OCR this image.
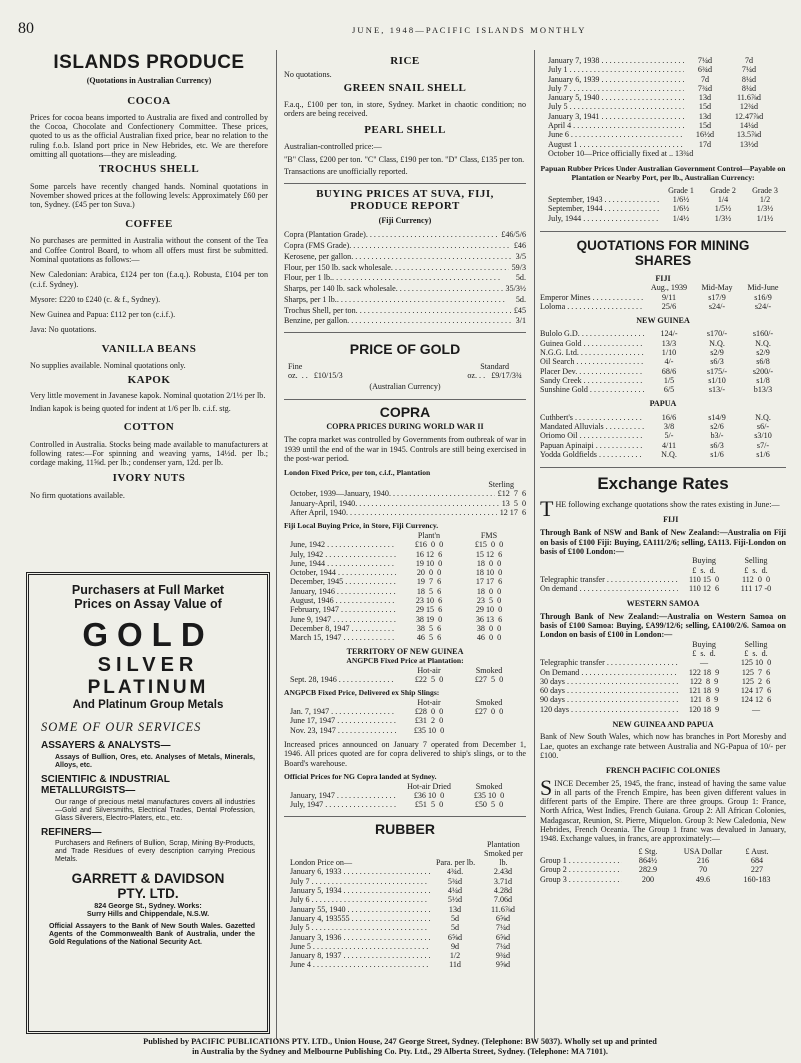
80	J U N E ,   1 9 4 8 — P A C I F I C   I S L A N D S   M O N T H L Y
ISLANDS PRODUCE
(Quotations in Australian Currency)
COCOA

Prices for cocoa beans imported to Australia are fixed and controlled by the Cocoa, Chocolate and Confectionery Committee. These prices, quoted to us as the official Australian fixed price, bear no relation to the ruling f.o.b. Island port price in New Hebrides, etc. We are therefore omitting all quotations—they are misleading.

TROCHUS SHELL

Some parcels have recently changed hands. Nominal quotations in November showed prices at the following levels: Approximately £60 per ton, Sydney. (£45 per ton Suva.)

COFFEE

No purchases are permitted in Australia without the consent of the Tea and Coffee Control Board, to whom all offers must first be submitted. Nominal quotations as follows:—

New Caledonian: Arabica, £124 per ton (f.a.q.). Robusta, £104 per ton (c.i.f. Sydney).

Mysore: £220 to £240 (c. & f., Sydney).

New Guinea and Papua: £112 per ton (c.i.f.).

Java: No quotations.

VANILLA BEANS

No supplies available. Nominal quotations only.

KAPOK

Very little movement in Javanese kapok. Nominal quotation 2/1½ per lb.

Indian kapok is being quoted for indent at 1/6 per lb. c.i.f. stg.

COTTON

Controlled in Australia. Stocks being made available to manufacturers at following rates:—For spinning and weaving yarns, 14½d. per lb.; cordage making, 11⅝d. per lb.; condenser yarn, 12d. per lb.

IVORY NUTS

No firm quotations available.

Purchasers at Full Market
Prices on Assay Value of
GOLD
SILVER
PLATINUM
And Platinum Group Metals
SOME OF OUR SERVICES
ASSAYERS & ANALYSTS—

Assays of Bullion, Ores, etc. Analyses of Metals, Minerals, Alloys, etc.

SCIENTIFIC & INDUSTRIAL METALLURGISTS—

Our range of precious metal manufactures covers all industries—Gold and Silversmiths, Electrical Trades, Dental Profession, Glass Silverers, Electro-Platers, etc., etc.

REFINERS—

Purchasers and Refiners of Bullion, Scrap, Mining By-Products, and Trade Residues of every description carrying Precious Metals.

GARRETT & DAVIDSON
PTY. LTD.
824 George St., Sydney. Works:
Surry Hills and Chippendale, N.S.W.

Official Assayers to the Bank of New South Wales. Gazetted Agents of the Commonwealth Bank of Australia, under the Gold Regulations of the National Security Act.

RICE

No quotations.

GREEN SNAIL SHELL

F.a.q., £100 per ton, in store, Sydney. Market in chaotic condition; no orders are being received.

PEARL SHELL

Australian-controlled price:—

"B" Class, £200 per ton. "C" Class, £190 per ton. "D" Class, £135 per ton.

Transactions are unofficially reported.

BUYING PRICES AT SUVA, FIJI,
PRODUCE REPORT
(Fiji Currency)
Copra (Plantation Grade) . . .	£46/5/6
Copra (FMS Grade) . . .	£46
Kerosene, per gallon . . .	3/5
Flour, per 150 lb. sack wholesale . . .	59/3
Flour, per 1 lb. . . .	5d.
Sharps, per 140 lb. sack wholesale . . .	35/3½
Sharps, per 1 lb. . . .	5d.
Trochus Shell, per ton . . .	£45
Benzine, per gallon . . .	3/1
PRICE OF GOLD
Fine
oz.  . .   £10/15/3
Standard
oz. . .   £9/17/3¾
(Australian Currency)
COPRA
COPRA PRICES DURING WORLD WAR II

The copra market was controlled by Governments from outbreak of war in 1939 until the end of the war in 1945. Controls are still being exercised in the post-war period.

London Fixed Price, per ton, c.i.f., Plantation
Sterling
October, 1939—January, 1940 . . .	£12  7  6
January-April, 1940 . . .	13  5  0
After April, 1940 . . .	12 17  6
Fiji Local Buying Price, in Store, Fiji Currency.
Plant'n	FMS
June, 1942 . . .	£16  0  0	£15  0  0
July, 1942 . . .	16 12  6	15 12  6
June, 1944 . . .	19 10  0	18  0  0
October, 1944 . . .	20  0  0	18 10  0
December, 1945 . . .	19  7  6	17 17  6
January, 1946 . . .	18  5  6	18  0  0
August, 1946 . . .	23 10  6	23  5  0
February, 1947 . . .	29 15  6	29 10  0
June 9, 1947 . . .	38 19  0	36 13  6
December 8, 1947 . . .	38  5  6	38  0  0
March 15, 1947 . . .	46  5  6	46  0  0
TERRITORY OF NEW GUINEA
ANGPCB Fixed Price at Plantation:
Hot-air	Smoked
Sept. 28, 1946 . . .	£22  5  0	£27  5  0
ANGPCB Fixed Price, Delivered ex Ship Slings:
Hot-air	Smoked
Jan. 7, 1947 . . .	£28  0  0	£27  0  0
June 17, 1947 . . .	£31  2  0
Nov. 23, 1947 . . .	£35 10  0

Increased prices announced on January 7 operated from December 1, 1946. All prices quoted are for copra delivered to ship's slings, or to the Board's warehouse.

Official Prices for NG Copra landed at Sydney.
Hot-air Dried	Smoked
January, 1947 . . .	£36 10  0	£35 10  0
July, 1947 . . .	£51  5  0	£50  5  0
RUBBER
London Price on—	Para. per lb.
Plantation Smoked per lb.
January 6, 1933 . . .	4¾d.	2.43d
July 7 . . .	5¾d	3.71d
January 5, 1934 . . .	4¼d	4.28d
July 6 . . .	5½d	7.06d
January 55, 1940 . . .	13d	11.6⅞d
January 4, 193555 . . .	5d	6⅝d
July 5 . . .	5d	7¼d
January 3, 1936 . . .	6⅝d	6⅝d
June 5 . . .	9d	7¼d
January 8, 1937 . . .	1/2	9¾d
June 4 . . .	11d	9⅝d
January 7, 1938 . . .	7¼d	7d
July 1 . . .	6¾d	7¼d
January 6, 1939 . . .	7d	8¼d
July 7 . . .	7¾d	8¼d
January 5, 1940 . . .	13d	11.6⅞d
July 5 . . .	15d	12¾d
January 3, 1941 . . .	13d	12.47⅞d
April 4 . . .	15d	14¼d
June 6 . . .	16½d	13.5⅞d
August 1 . . .	17d	13½d
October 10—Price officially fixed at .. 13¾d
Papuan Rubber Prices Under Australian Government Control—Payable on Plantation or Nearby Port, per lb., Australian Currency:
Grade 1	Grade 2	Grade 3
September, 1943 . . .	1/6½	1/4	1/2
September, 1944 . . .	1/6½	1/5½	1/3½
July, 1944 . . .	1/4½	1/3½	1/1½
QUOTATIONS FOR MINING
SHARES
FIJI
Aug., 1939	Mid-May	Mid-June
Emperor Mines . . .	9/11	s17/9	s16/9
Loloma . . .	25/6	s24/-	s24/-
NEW GUINEA
Bulolo G.D. . . .	124/-	s170/-	s160/-
Guinea Gold . . .	13/3	N.Q.	N.Q.
N.G.G. Ltd. . . .	1/10	s2/9	s2/9
Oil Search . . .	4/-	s6/3	s6/8
Placer Dev. . . .	68/6	s175/-	s200/-
Sandy Creek . . .	1/5	s1/10	s1/8
Sunshine Gold . . .	6/5	s13/-	b13/3
PAPUA
Cuthbert's . . .	16/6	s14/9	N.Q.
Mandated Alluvials . . .	3/8	s2/6	s6/-
Oriomo Oil . . .	5/-	b3/-	s3/10
Papuan Apinaipi . . .	4/11	s6/3	s7/-
Yodda Goldfields . . .	N.Q.	s1/6	s1/6
Exchange Rates

THE following exchange quotations show the rates existing in June:—

FIJI

Through Bank of NSW and Bank of New Zealand:—Australia on Fiji on basis of £100 Fiji: Buying, £A111/2/6; selling, £A113. Fiji-London on basis of £100 London:—

Buying	Selling
£  s.  d.	£  s.  d.
Telegraphic transfer . . .	110 15  0	112  0  0
On demand . . .	110 12  6	111 17 -0
WESTERN SAMOA

Through Bank of New Zealand:—Australia on Western Samoa on basis of £100 Samoa: Buying, £A99/12/6; selling, £A100/2/6. Samoa on London on basis of £100 in London:—

Buying	Selling
£  s.  d.	£  s.  d.
Telegraphic transfer . . .	—	125 10  0
On Demand . . .	122 18  9	125  7  6
30 days . . .	122  8  9	125  2  6
60 days . . .	121 18  9	124 17  6
90 days . . .	121  8  9	124 12  6
120 days . . .	120 18  9	—
NEW GUINEA AND PAPUA

Bank of New South Wales, which now has branches in Port Moresby and Lae, quotes an exchange rate between Australia and NG-Papua of 10/- per £100.

FRENCH PACIFIC COLONIES

SINCE December 25, 1945, the franc, instead of having the same value in all parts of the French Empire, has been given different values in different parts of the Empire. There are three groups. Group 1: France, North Africa, West Indies, French Guiana. Group 2: All African Colonies, Madagascar, Reunion, St. Pierre, Miquelon. Group 3: New Caledonia, New Hebrides, French Oceania. The Group 1 franc was devalued in January, 1948. Exchange values, in francs, are approximately:—

£ Stg.	USA Dollar	£ Aust.
Group 1 . . .	864½	216	684
Group 2 . . .	282.9	70	227
Group 3 . . .	200	49.6	160-183
Published by PACIFIC PUBLICATIONS PTY. LTD., Union House, 247 George Street, Sydney. (Telephone: BW 5037). Wholly set up and printed
in Australia by the Sydney and Melbourne Publishing Co. Pty. Ltd., 29 Alberta Street, Sydney. (Telephone: MA 7101).
